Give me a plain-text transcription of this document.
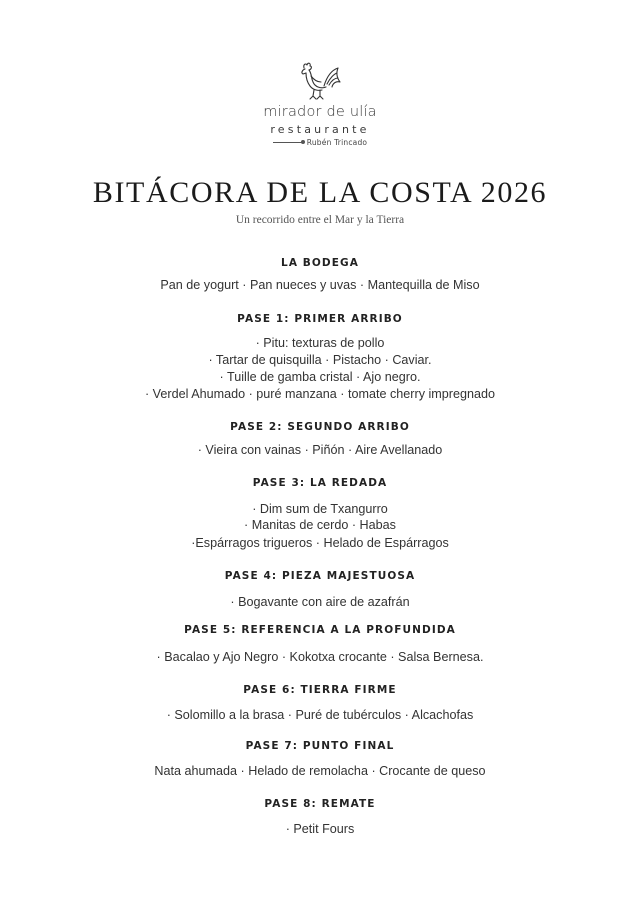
mirador de ulía
restaurante
Rubén Trincado
BITÁCORA DE LA COSTA 2026
Un recorrido entre el Mar y la Tierra
LA BODEGA
Pan de yogurt · Pan nueces y uvas · Mantequilla de Miso
PASE 1: PRIMER ARRIBO
· Pitu: texturas de pollo
· Tartar de quisquilla · Pistacho · Caviar.
· Tuille de gamba cristal · Ajo negro.
· Verdel Ahumado · puré manzana · tomate cherry impregnado
PASE 2: SEGUNDO ARRIBO
· Vieira con vainas · Piñón · Aire Avellanado
PASE 3: LA REDADA
· Dim sum de Txangurro
· Manitas de cerdo · Habas
·Espárragos trigueros · Helado de Espárragos
PASE 4: PIEZA MAJESTUOSA
· Bogavante con aire de azafrán
PASE 5: REFERENCIA A LA PROFUNDIDA
· Bacalao y Ajo Negro · Kokotxa crocante · Salsa Bernesa.
PASE 6: TIERRA FIRME
· Solomillo a la brasa · Puré de tubérculos · Alcachofas
PASE 7: PUNTO FINAL
Nata ahumada · Helado de remolacha · Crocante de queso
PASE 8: REMATE
· Petit Fours
